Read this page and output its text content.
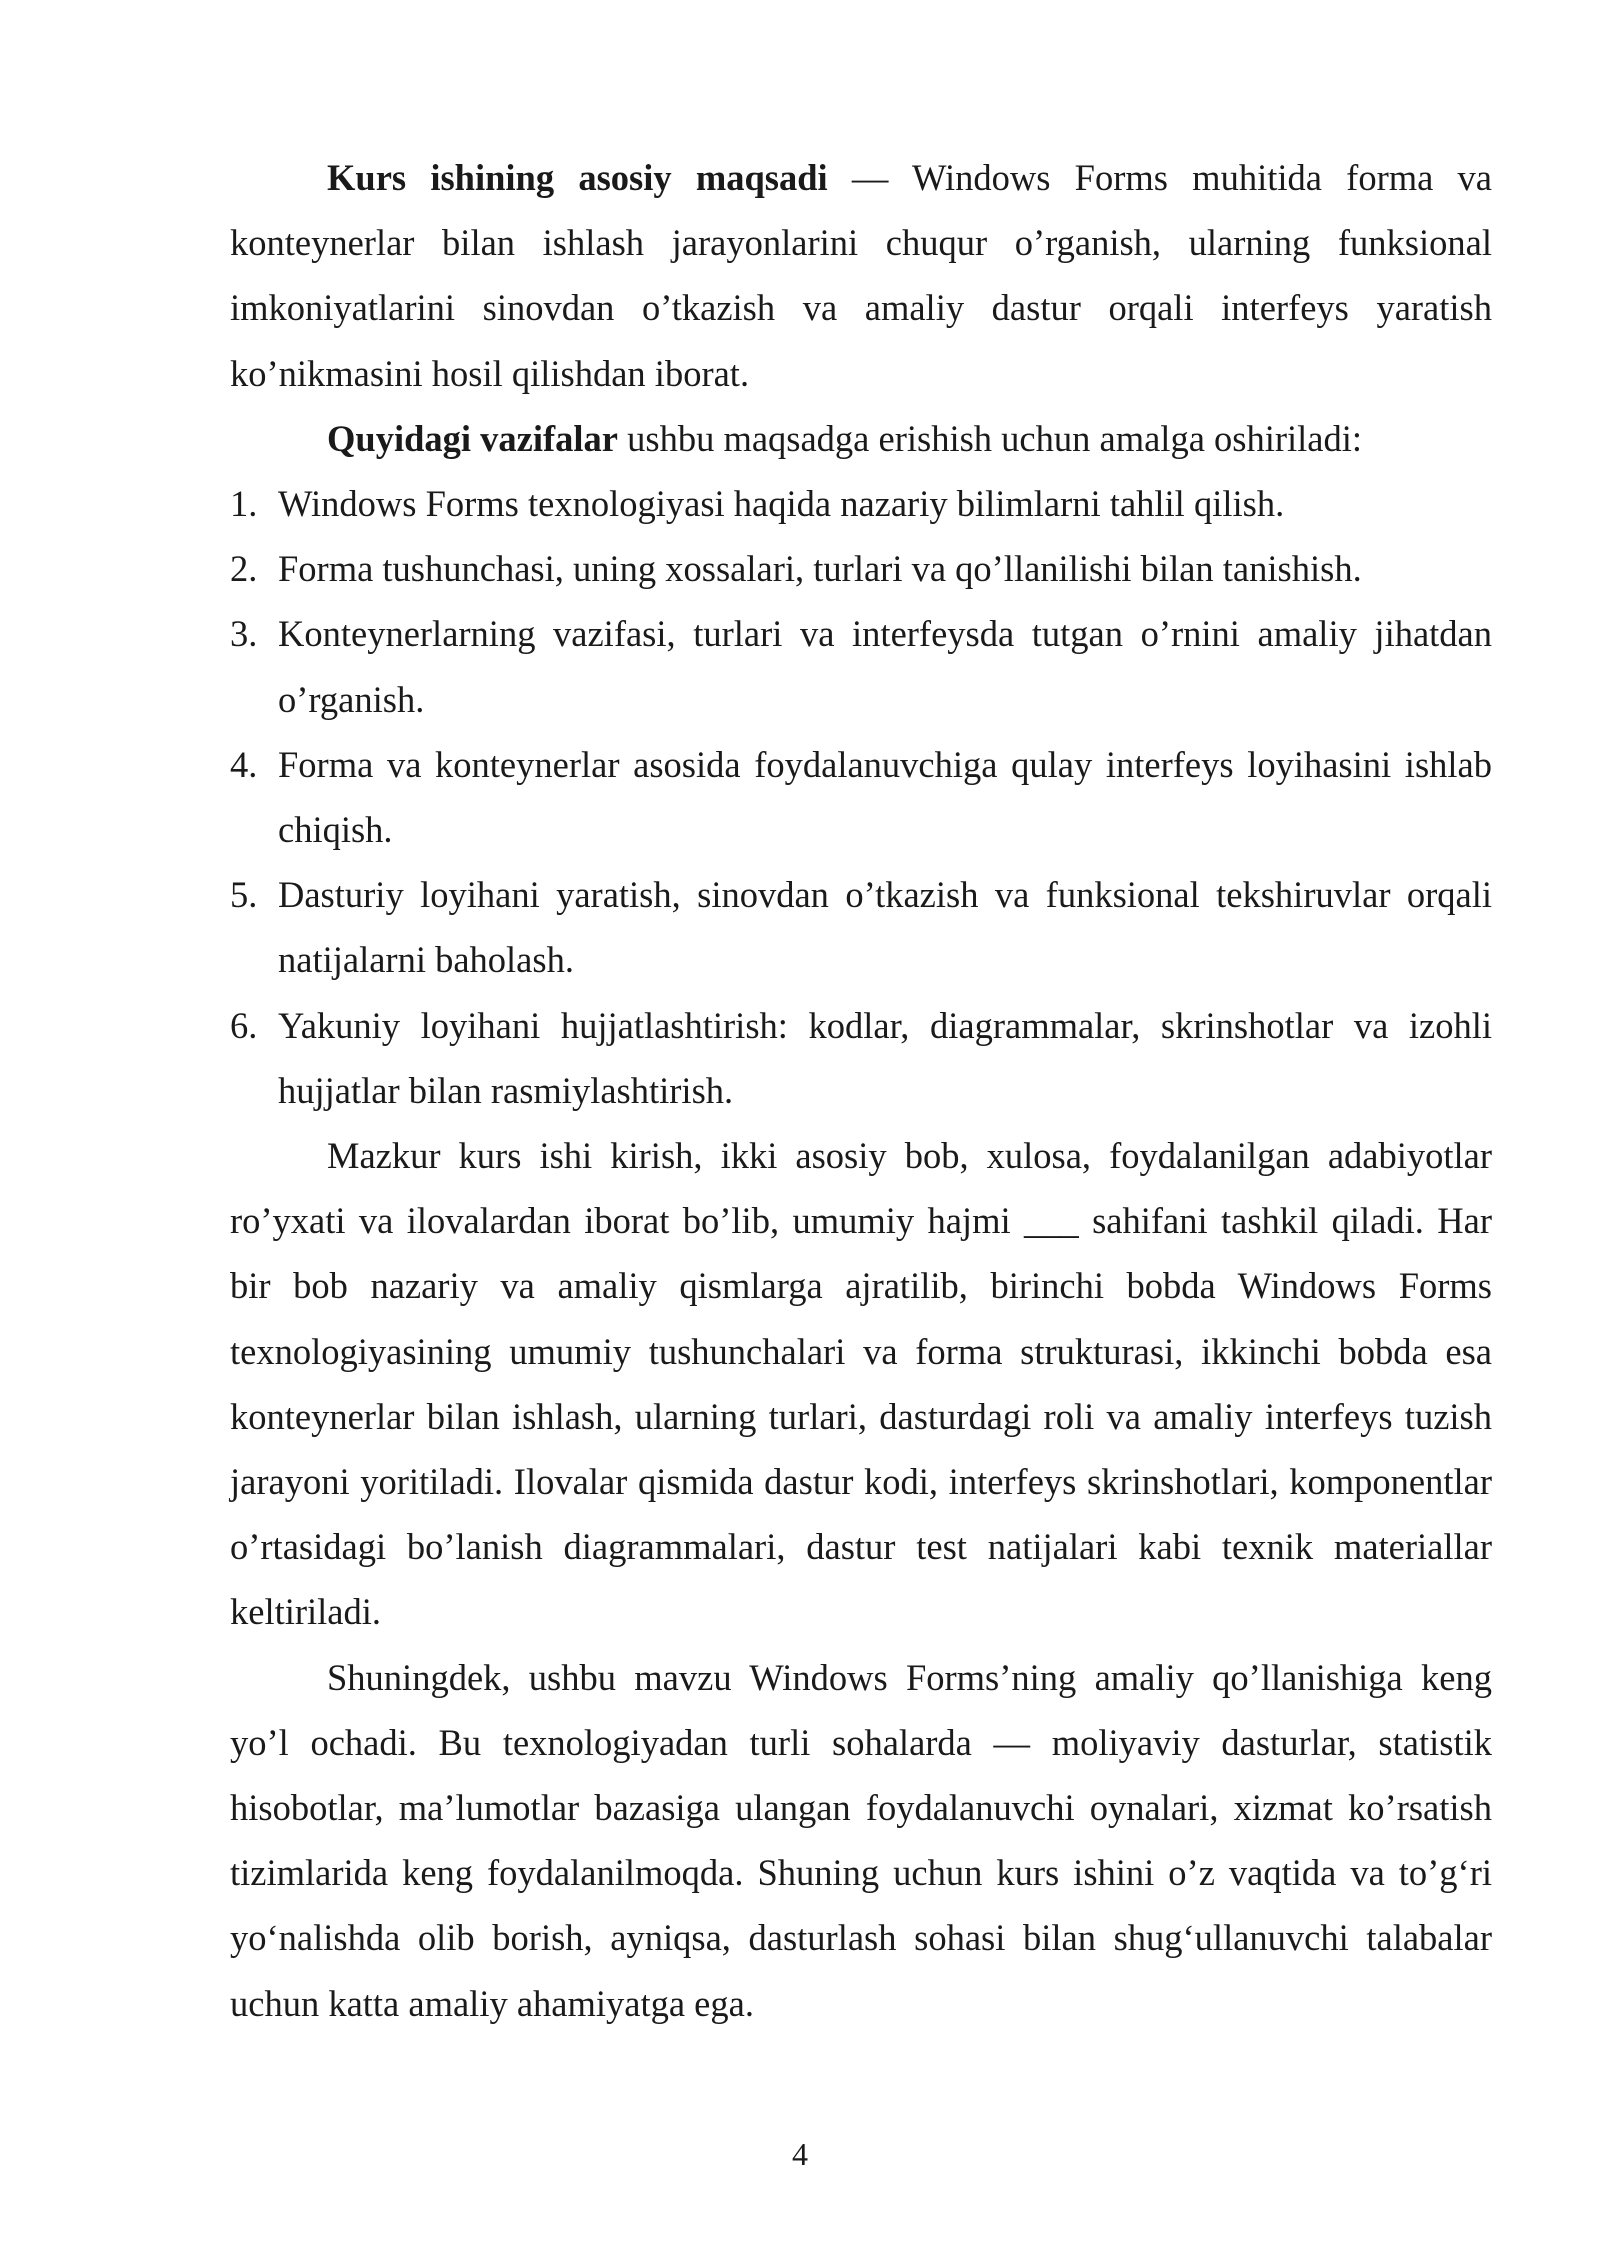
Kurs ishining asosiy maqsadi — Windows Forms muhitida forma va konteynerlar bilan ishlash jarayonlarini chuqur o’rganish, ularning funksional imkoniyatlarini sinovdan o’tkazish va amaliy dastur orqali interfeys yaratish ko’nikmasini hosil qilishdan iborat.

Quyidagi vazifalar ushbu maqsadga erishish uchun amalga oshiriladi:

1. Windows Forms texnologiyasi haqida nazariy bilimlarni tahlil qilish.
2. Forma tushunchasi, uning xossalari, turlari va qo’llanilishi bilan tanishish.
3. Konteynerlarning vazifasi, turlari va interfeysda tutgan o’rnini amaliy jihatdan o’rganish.
4. Forma va konteynerlar asosida foydalanuvchiga qulay interfeys loyihasini ishlab chiqish.
5. Dasturiy loyihani yaratish, sinovdan o’tkazish va funksional tekshiruvlar orqali natijalarni baholash.
6. Yakuniy loyihani hujjatlashtirish: kodlar, diagrammalar, skrinshotlar va izohli hujjatlar bilan rasmiylashtirish.

Mazkur kurs ishi kirish, ikki asosiy bob, xulosa, foydalanilgan adabiyotlar ro’yxati va ilovalardan iborat bo’lib, umumiy hajmi ___ sahifani tashkil qiladi. Har bir bob nazariy va amaliy qismlarga ajratilib, birinchi bobda Windows Forms texnologiyasining umumiy tushunchalari va forma strukturasi, ikkinchi bobda esa konteynerlar bilan ishlash, ularning turlari, dasturdagi roli va amaliy interfeys tuzish jarayoni yoritiladi. Ilovalar qismida dastur kodi, interfeys skrinshotlari, komponentlar o’rtasidagi bo’lanish diagrammalari, dastur test natijalari kabi texnik materiallar keltiriladi.

Shuningdek, ushbu mavzu Windows Forms’ning amaliy qo’llanishiga keng yo’l ochadi. Bu texnologiyadan turli sohalarda — moliyaviy dasturlar, statistik hisobotlar, ma’lumotlar bazasiga ulangan foydalanuvchi oynalari, xizmat ko’rsatish tizimlarida keng foydalanilmoqda. Shuning uchun kurs ishini o’z vaqtida va to’g‘ri yo‘nalishda olib borish, ayniqsa, dasturlash sohasi bilan shug‘ullanuvchi talabalar uchun katta amaliy ahamiyatga ega.

4
